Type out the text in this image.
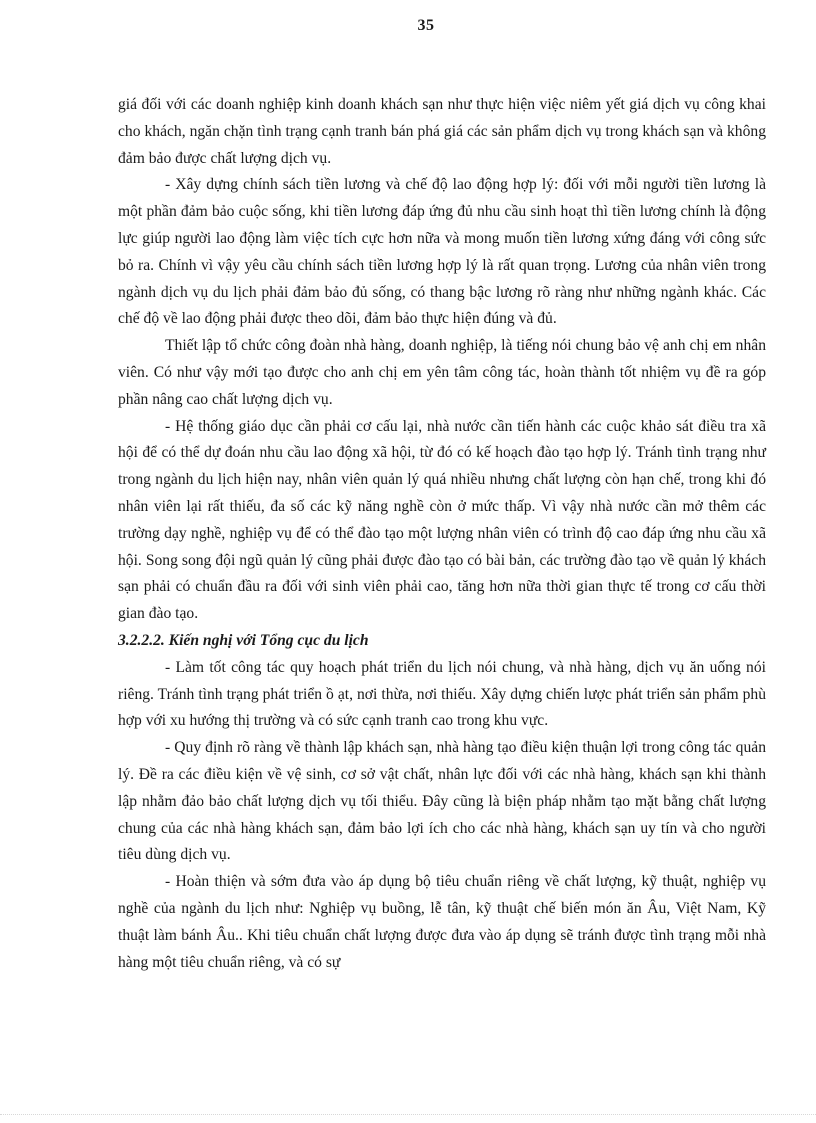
35

giá đối với các doanh nghiệp kinh doanh khách sạn như thực hiện việc niêm yết giá dịch vụ công khai cho khách, ngăn chặn tình trạng cạnh tranh bán phá giá các sản phẩm dịch vụ trong khách sạn và không đảm bảo được chất lượng dịch vụ.

- Xây dựng chính sách tiền lương và chế độ lao động hợp lý: đối với mỗi người tiền lương là một phần đảm bảo cuộc sống, khi tiền lương đáp ứng đủ nhu cầu sinh hoạt thì tiền lương chính là động lực giúp người lao động làm việc tích cực hơn nữa và mong muốn tiền lương xứng đáng với công sức bỏ ra. Chính vì vậy yêu cầu chính sách tiền lương hợp lý là rất quan trọng. Lương của nhân viên trong ngành dịch vụ du lịch phải đảm bảo đủ sống, có thang bậc lương rõ ràng như những ngành khác. Các chế độ về lao động phải được theo dõi, đảm bảo thực hiện đúng và đủ.

Thiết lập tổ chức công đoàn nhà hàng, doanh nghiệp, là tiếng nói chung bảo vệ anh chị em nhân viên. Có như vậy mới tạo được cho anh chị em yên tâm công tác, hoàn thành tốt nhiệm vụ đề ra góp phần nâng cao chất lượng dịch vụ.

- Hệ thống giáo dục cần phải cơ cấu lại, nhà nước cần tiến hành các cuộc khảo sát điều tra xã hội để có thể dự đoán nhu cầu lao động xã hội, từ đó có kế hoạch đào tạo hợp lý. Tránh tình trạng như trong ngành du lịch hiện nay, nhân viên quản lý quá nhiều nhưng chất lượng còn hạn chế, trong khi đó nhân viên lại rất thiếu, đa số các kỹ năng nghề còn ở mức thấp. Vì vậy nhà nước cần mở thêm các trường dạy nghề, nghiệp vụ để có thể đào tạo một lượng nhân viên có trình độ cao đáp ứng nhu cầu xã hội. Song song đội ngũ quản lý cũng phải được đào tạo có bài bản, các trường đào tạo về quản lý khách sạn phải có chuẩn đầu ra đối với sinh viên phải cao, tăng hơn nữa thời gian thực tế trong cơ cấu thời gian đào tạo.

3.2.2.2. Kiến nghị với Tổng cục du lịch

- Làm tốt công tác quy hoạch phát triển du lịch nói chung, và nhà hàng, dịch vụ ăn uống nói riêng. Tránh tình trạng phát triển ồ ạt, nơi thừa, nơi thiếu. Xây dựng chiến lược phát triển sản phẩm phù hợp với xu hướng thị trường và có sức cạnh tranh cao trong khu vực.

- Quy định rõ ràng về thành lập khách sạn, nhà hàng tạo điều kiện thuận lợi trong công tác quản lý. Đề ra các điều kiện về vệ sinh, cơ sở vật chất, nhân lực đối với các nhà hàng, khách sạn khi thành lập nhằm đảo bảo chất lượng dịch vụ tối thiểu. Đây cũng là biện pháp nhằm tạo mặt bằng chất lượng chung của các nhà hàng khách sạn, đảm bảo lợi ích cho các nhà hàng, khách sạn uy tín và cho người tiêu dùng dịch vụ.

- Hoàn thiện và sớm đưa vào áp dụng bộ tiêu chuẩn riêng về chất lượng, kỹ thuật, nghiệp vụ nghề của ngành du lịch như: Nghiệp vụ buồng, lễ tân, kỹ thuật chế biến món ăn Âu, Việt Nam, Kỹ thuật làm bánh Âu.. Khi tiêu chuẩn chất lượng được đưa vào áp dụng sẽ tránh được tình trạng mỗi nhà hàng một tiêu chuẩn riêng, và có sự
